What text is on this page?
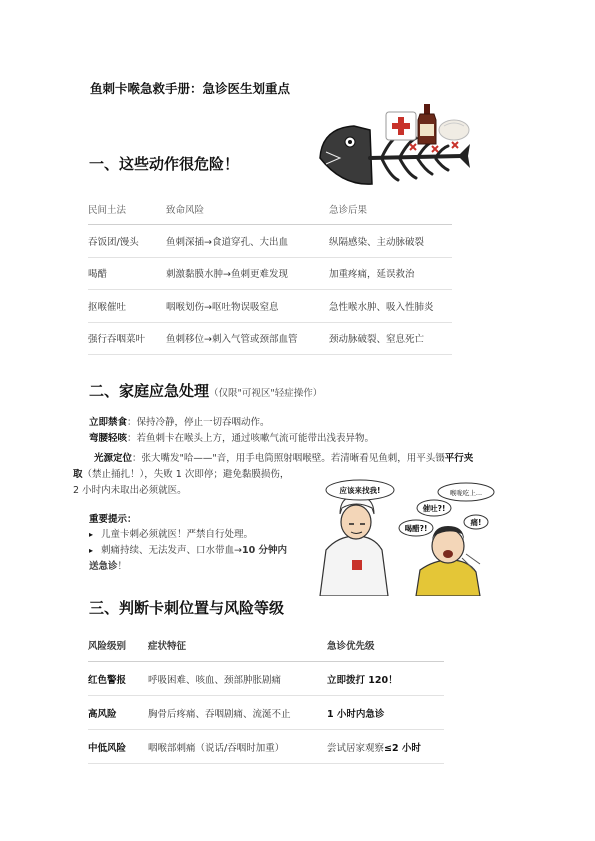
鱼刺卡喉急救手册：急诊医生划重点
一、这些动作很危险！
民间土法	致命风险	急诊后果
吞饭团/馒头	鱼刺深插→食道穿孔、大出血	纵隔感染、主动脉破裂
喝醋	刺激黏膜水肿→鱼刺更难发现	加重疼痛，延误救治
抠喉催吐	咽喉划伤→呕吐物误吸窒息	急性喉水肿、吸入性肺炎
强行吞咽菜叶	鱼刺移位→刺入气管或颈部血管	颈动脉破裂、窒息死亡
二、家庭应急处理（仅限"可视区"轻症操作）
立即禁食：保持冷静，停止一切吞咽动作。
弯腰轻咳：若鱼刺卡在喉头上方，通过咳嗽气流可能带出浅表异物。
光源定位：张大嘴发"哈——"音，用手电筒照射咽喉壁。若清晰看见鱼刺，用平头镊平行夹
取（禁止捅扎！），失败 1 次即停；避免黏膜损伤，
2 小时内未取出必须就医。
重要提示：
▸ 儿童卡刺必须就医！严禁自行处理。
▸ 刺痛持续、无法发声、口水带血→10 分钟内
送急诊！
应该来找我!	喉咙吃上...
催吐?!
喝醋?!
痛!
三、判断卡刺位置与风险等级
风险级别	症状特征	急诊优先级
红色警报	呼吸困难、咳血、颈部肿胀剧痛	立即拨打 120！
高风险	胸骨后疼痛、吞咽剧痛、流涎不止	1 小时内急诊
中低风险	咽喉部刺痛（说话/吞咽时加重）	尝试居家观察≤2 小时
